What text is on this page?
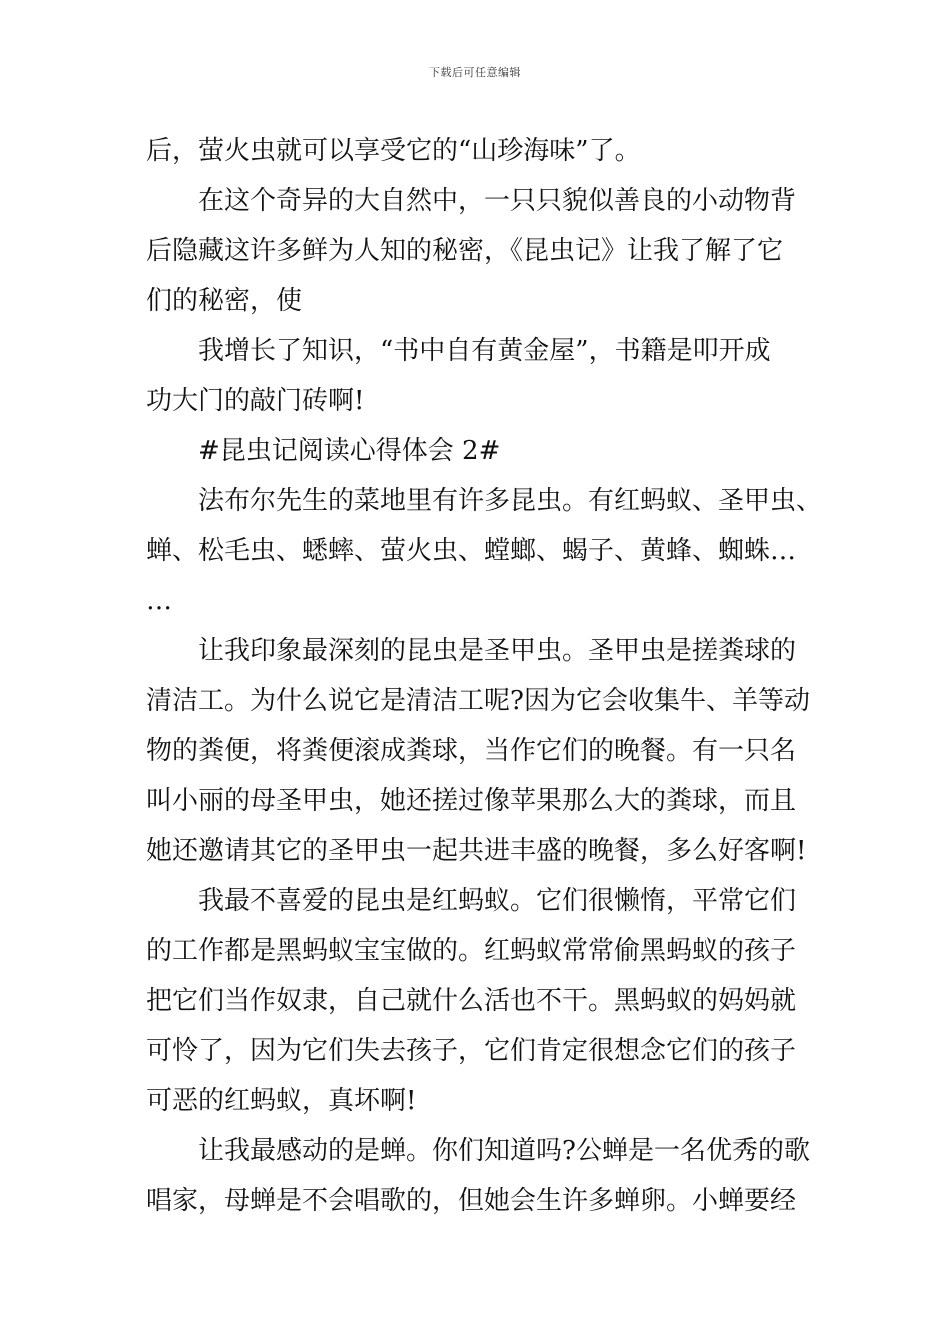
下载后可任意编辑
后，萤火虫就可以享受它的“山珍海味”了。
在这个奇异的大自然中，一只只貌似善良的小动物背
后隐藏这许多鲜为人知的秘密，《昆虫记》让我了解了它
们的秘密，使
我增长了知识，“书中自有黄金屋”，书籍是叩开成
功大门的敲门砖啊!
#昆虫记阅读心得体会 2#
法布尔先生的菜地里有许多昆虫。有红蚂蚁、圣甲虫、
蝉、松毛虫、蟋蟀、萤火虫、螳螂、蝎子、黄蜂、蜘蛛…
…
让我印象最深刻的昆虫是圣甲虫。圣甲虫是搓粪球的
清洁工。为什么说它是清洁工呢?因为它会收集牛、羊等动
物的粪便，将粪便滚成粪球，当作它们的晚餐。有一只名
叫小丽的母圣甲虫，她还搓过像苹果那么大的粪球，而且
她还邀请其它的圣甲虫一起共进丰盛的晚餐，多么好客啊!
我最不喜爱的昆虫是红蚂蚁。它们很懒惰，平常它们
的工作都是黑蚂蚁宝宝做的。红蚂蚁常常偷黑蚂蚁的孩子
把它们当作奴隶，自己就什么活也不干。黑蚂蚁的妈妈就
可怜了，因为它们失去孩子，它们肯定很想念它们的孩子
可恶的红蚂蚁，真坏啊!
让我最感动的是蝉。你们知道吗?公蝉是一名优秀的歌
唱家，母蝉是不会唱歌的，但她会生许多蝉卵。小蝉要经
